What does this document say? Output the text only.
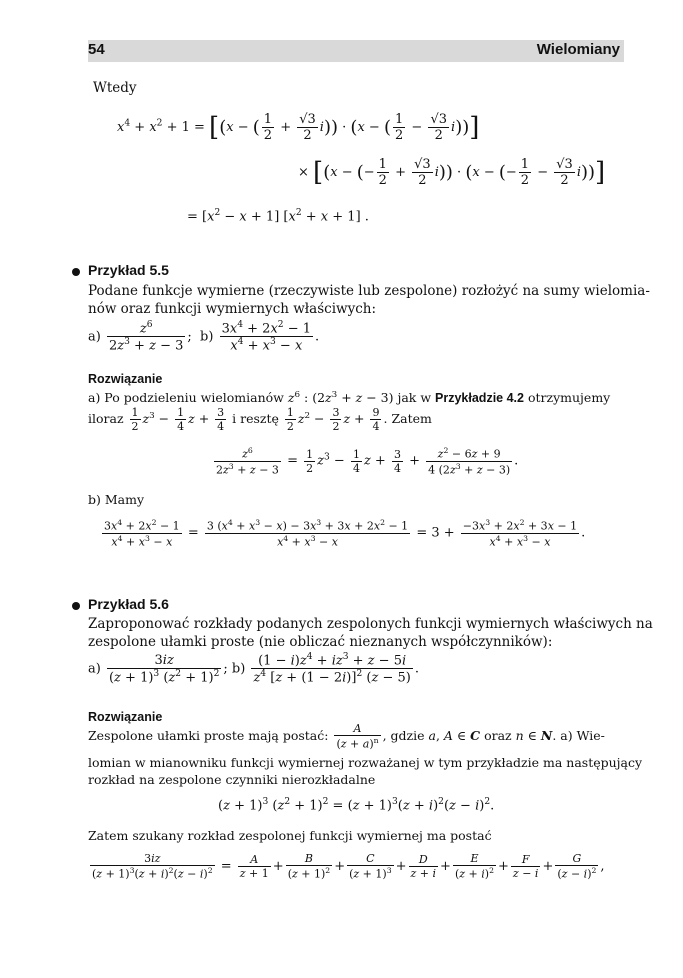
54	Wielomiany
Wtedy
$x^4 + x^2 + 1 = [(x$ − ( $\frac{1}{2} + \frac{√3}{2} i)) \cdot (x$ − ( $\frac{1}{2} - \frac{√3}{2} i$))]
× [(x − (− $\frac{1}{2} + \frac{√3}{2} i)) \cdot (x$ − (− $\frac{1}{2} - \frac{√3}{2} i$))]
= $[x^2 - x + 1] [x^2 + x + 1]$ .
Przykład 5.5
Podane funkcje wymierne (rzeczywiste lub zespolone) rozłożyć na sumy wielomia-
nów oraz funkcji wymiernych właściwych:
$a) \frac{z^6}{2z^3 + z - 3}$ ;  $b) \frac{3x^4 + 2x^2 - 1}{x^4 + x^3 - x}$ .
Rozwiązanie
a) Po podzieleniu wielomianów $z^6$ : $(2z^3 + z - 3)$ jak w Przykładzie 4.2 otrzymujemy
iloraz $\frac{1}{2} z^3 - \frac{1}{4}$ $z + \frac{3}{4}$ i resztę $\frac{1}{2} z^2 - \frac{3}{2}$ $z + \frac{9}{4}$ . Zatem
$\frac{z^6}{2z^3 + z - 3} = \frac{1}{2} z^3 - \frac{1}{4}$ $z + \frac{3}{4} + \frac{z^2 - 6z + 9}{4 (2z^3 + z - 3)}$ .
b) Mamy
$\frac{3x^4 + 2x^2 - 1}{x^4 + x^3 - x} = \frac{3 (x^4 + x^3 - x) - 3x^3 + 3x + 2x^2 - 1}{x^4 + x^3 - x} = 3 + \frac{-3x^3 + 2x^2 + 3x - 1}{x^4 + x^3 - x}$ .
Przykład 5.6
Zaproponować rozkłady podanych zespolonych funkcji wymiernych właściwych na
zespolone ułamki proste (nie obliczać nieznanych współczynników):
$a) \frac{3iz}{(z + 1)^3 (z^2 + 1)^2}$ ; $b) \frac{(1 - i)z^4 + iz^3 + z - 5i}{z^4 [z + (1 - 2i)]^2 (z - 5)}$ .
Rozwiązanie
Zespolone ułamki proste mają postać: $\frac{A}{(z + a)^n}$ , gdzie a, A ∈ C oraz n ∈ N. a) Wie-
lomian w mianowniku funkcji wymiernej rozważanej w tym przykładzie ma następujący
rozkład na zespolone czynniki nierozkładalne
$(z + 1)^3$ $(z^2 + 1)^2 = (z + 1)^3(z + i)^2(z - i)^2$.
Zatem szukany rozkład zespolonej funkcji wymiernej ma postać
$\frac{3iz}{(z + 1)^3(z + i)^2(z - i)^2} = \frac{A}{z + 1} + \frac{B}{(z + 1)^2} + \frac{C}{(z + 1)^3} + \frac{D}{z + i} + \frac{E}{(z + i)^2} + \frac{F}{z - i} + \frac{G}{(z - i)^2}$ ,
